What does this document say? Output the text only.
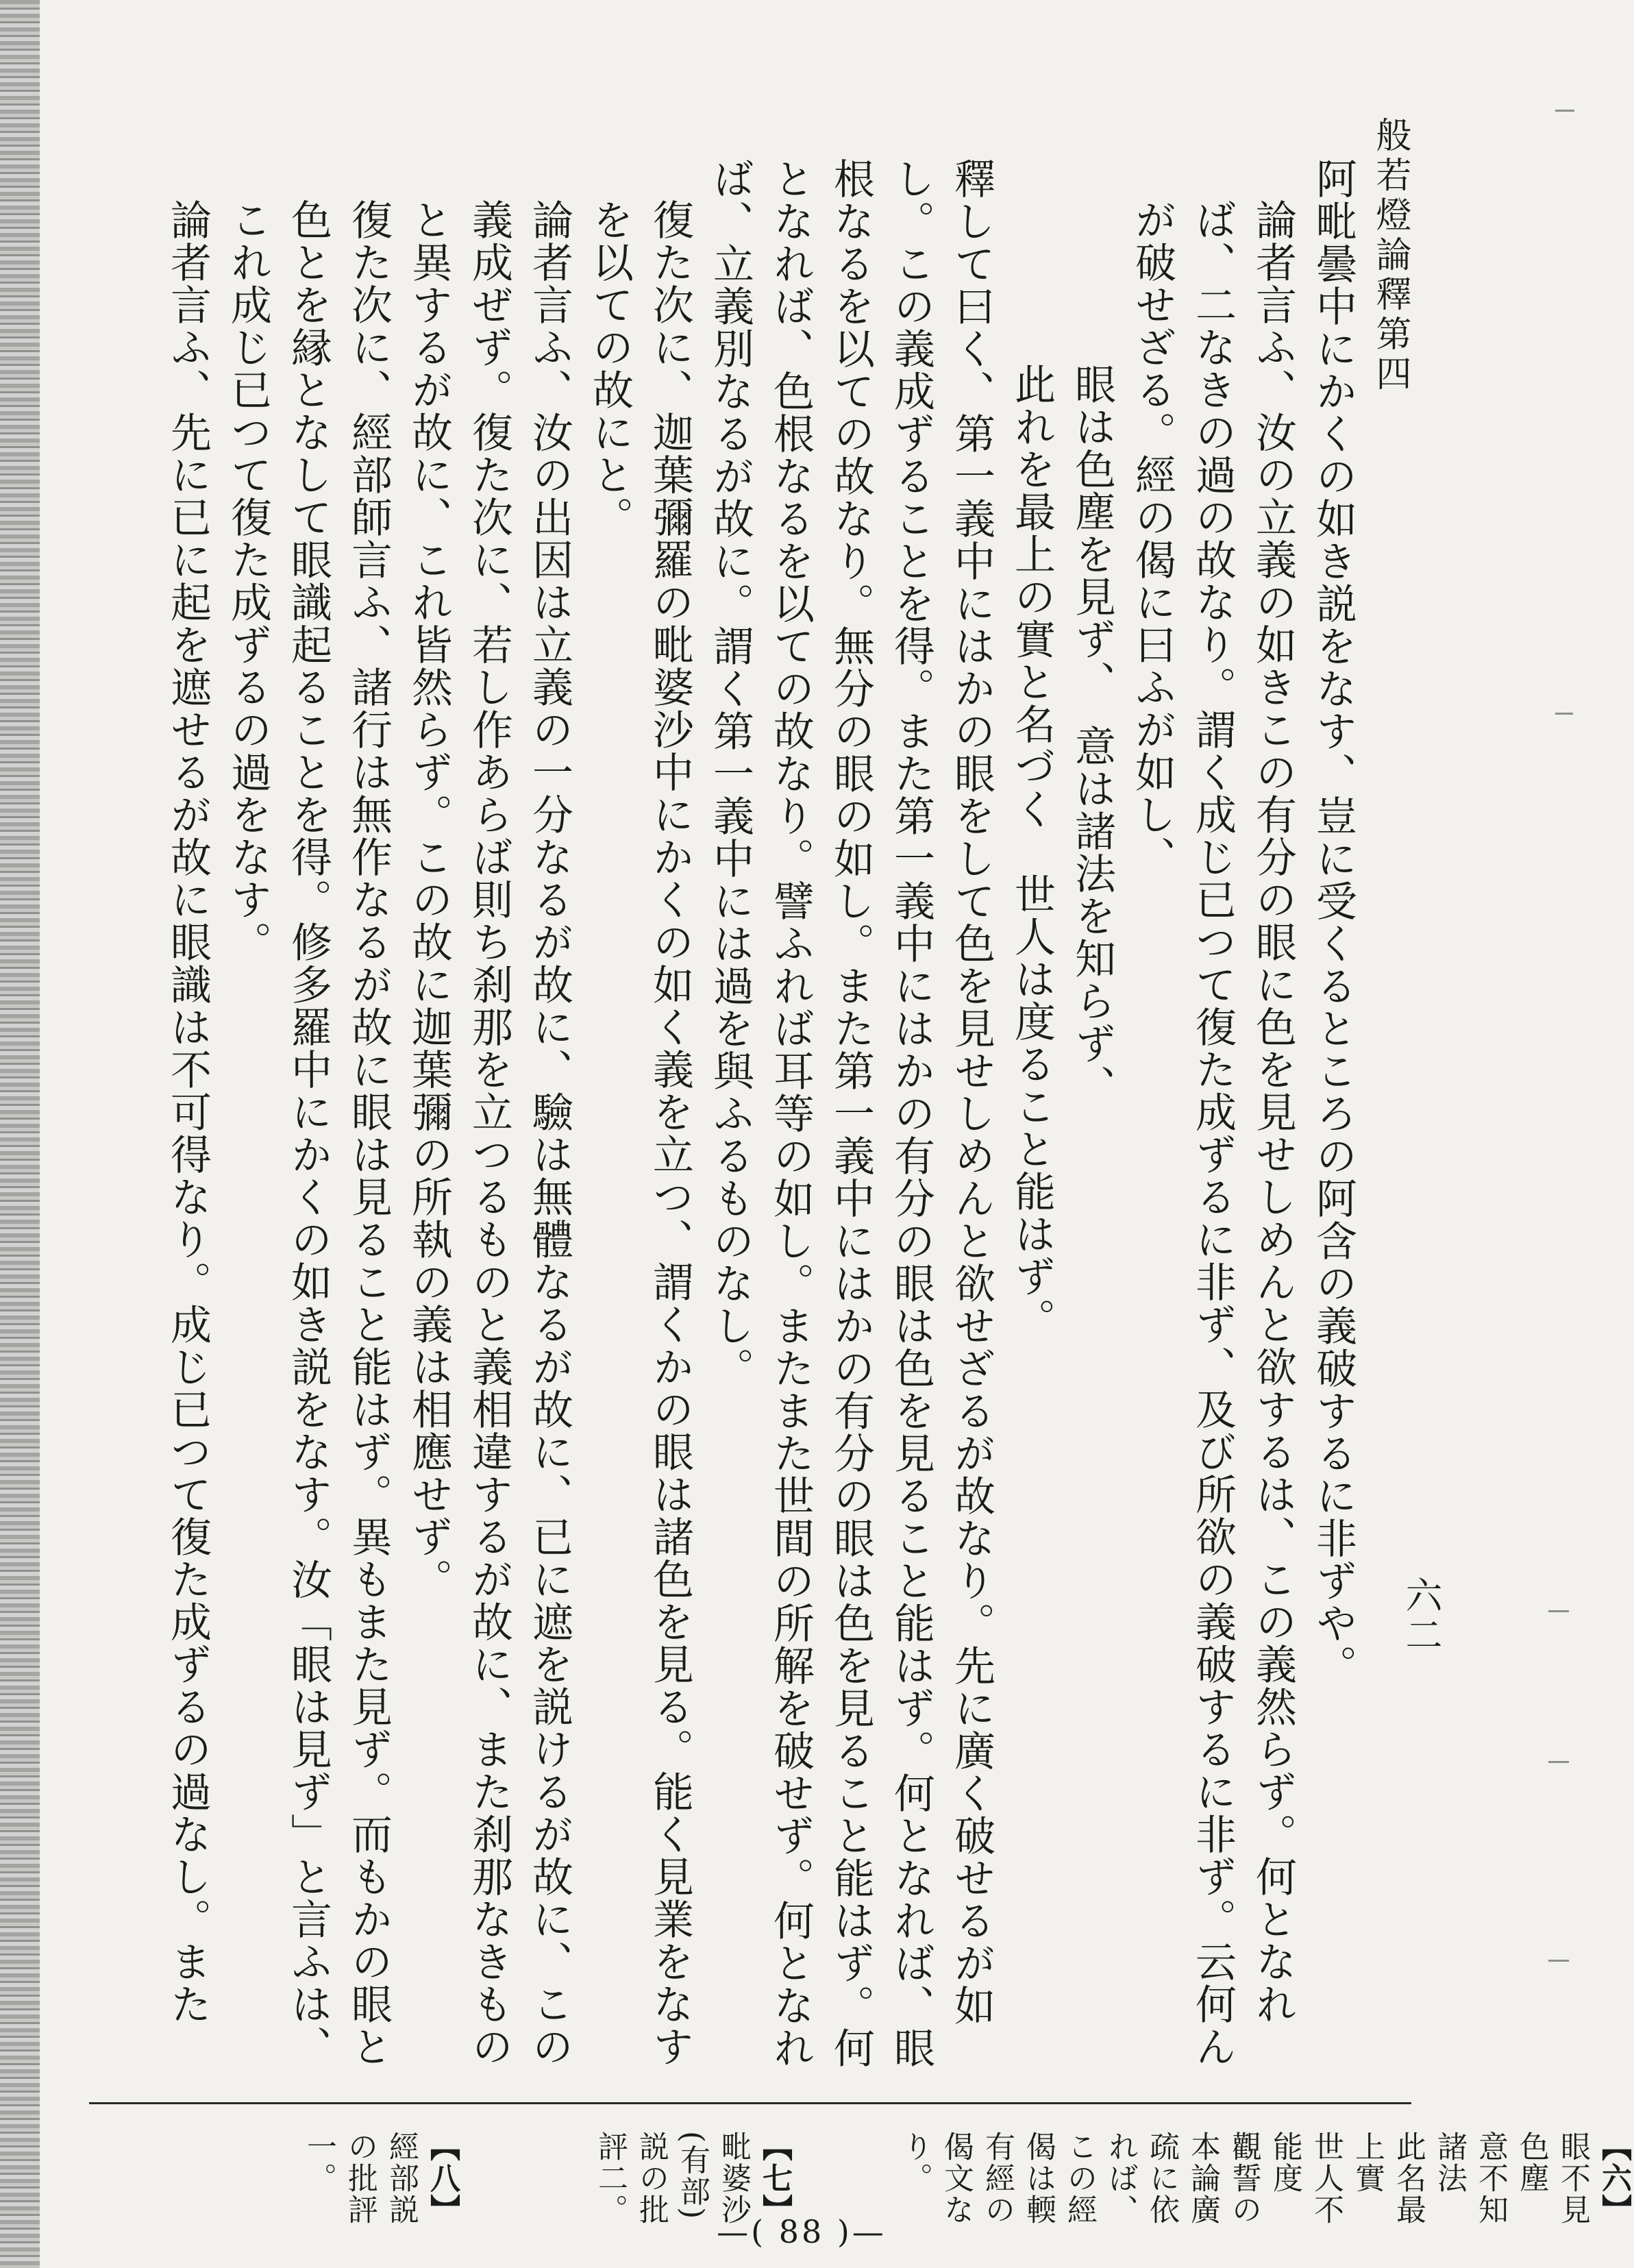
般若燈論釋第四
六二

阿毗曇中にかくの如き説をなす、豈に受くるところの阿含の義破するに非ずや。

論者言ふ、汝の立義の如きこの有分の眼に色を見せしめんと欲するは、この義然らず。何となれば、二なきの過の故なり。謂く成じ已つて復た成ずるに非ず、及び所欲の義破するに非ず。云何んが破せざる。經の偈に曰ふが如し、

眼は色塵を見ず、　意は諸法を知らず、
此れを最上の實と名づく　世人は度ること能はず。

釋して曰く、第一義中にはかの眼をして色を見せしめんと欲せざるが故なり。先に廣く破せるが如し。この義成ずることを得。また第一義中にはかの有分の眼は色を見ること能はず。何となれば、眼根なるを以ての故なり。無分の眼の如し。また第一義中にはかの有分の眼は色を見ること能はず。何となれば、色根なるを以ての故なり。譬ふれば耳等の如し。またまた世間の所解を破せず。何となれば、立義別なるが故に。謂く第一義中には過を與ふるものなし。

復た次に、迦葉彌羅の毗婆沙中にかくの如く義を立つ、謂くかの眼は諸色を見る。能く見業をなすを以ての故にと。

論者言ふ、汝の出因は立義の一分なるが故に、驗は無體なるが故に、已に遮を説けるが故に、この義成ぜず。復た次に、若し作あらば則ち刹那を立つるものと義相違するが故に、また刹那なきものと異するが故に、これ皆然らず。この故に迦葉彌の所執の義は相應せず。

復た次に、經部師言ふ、諸行は無作なるが故に眼は見ること能はず。異もまた見ず。而もかの眼と色とを縁となして眼識起ることを得。修多羅中にかくの如き説をなす。汝「眼は見ず」と言ふは、これ成じ已つて復た成ずるの過をなす。

論者言ふ、先に已に起を遮せるが故に眼識は不可得なり。成じ已つて復た成ずるの過なし。また

【六】眼不見色塵　意不知諸法　此名最上實　世人不能度　觀誓の本論廣疏に依れば、この經偈は輭有經の偈文なり。
【七】毗婆沙(有部)説の批評二。
【八】經部説の批評一。
—( 88 )—
